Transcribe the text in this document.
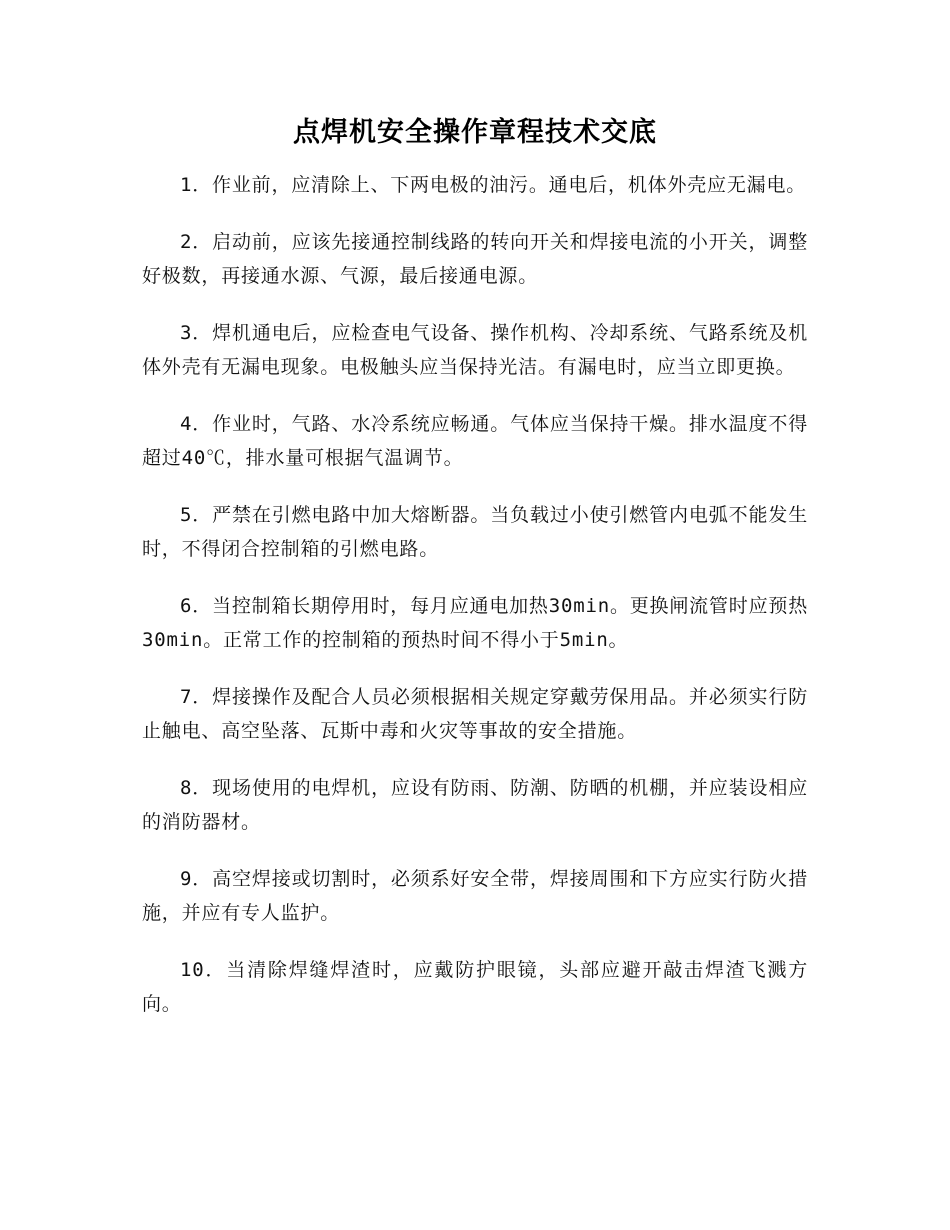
点焊机安全操作章程技术交底

1．作业前，应清除上、下两电极的油污。通电后，机体外壳应无漏电。

2．启动前，应该先接通控制线路的转向开关和焊接电流的小开关，调整好极数，再接通水源、气源，最后接通电源。

3．焊机通电后，应检查电气设备、操作机构、冷却系统、气路系统及机体外壳有无漏电现象。电极触头应当保持光洁。有漏电时，应当立即更换。

4．作业时，气路、水冷系统应畅通。气体应当保持干燥。排水温度不得超过40℃，排水量可根据气温调节。

5．严禁在引燃电路中加大熔断器。当负载过小使引燃管内电弧不能发生时，不得闭合控制箱的引燃电路。

6．当控制箱长期停用时，每月应通电加热30min。更换闸流管时应预热30min。正常工作的控制箱的预热时间不得小于5min。

7．焊接操作及配合人员必须根据相关规定穿戴劳保用品。并必须实行防止触电、高空坠落、瓦斯中毒和火灾等事故的安全措施。

8．现场使用的电焊机，应设有防雨、防潮、防晒的机棚，并应装设相应的消防器材。

9．高空焊接或切割时，必须系好安全带，焊接周围和下方应实行防火措施，并应有专人监护。

10．当清除焊缝焊渣时，应戴防护眼镜，头部应避开敲击焊渣飞溅方向。
